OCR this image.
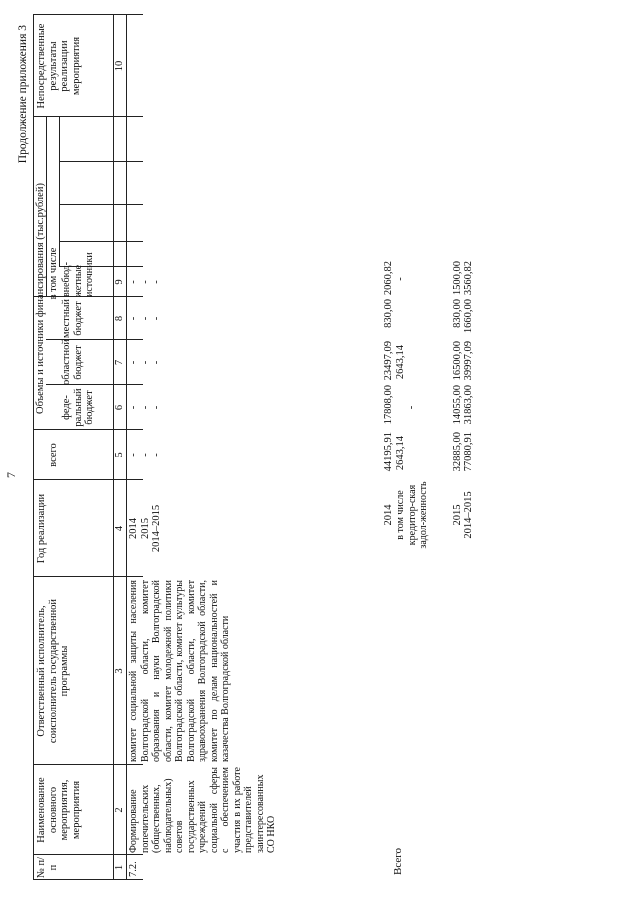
7
Продолжение приложения 3
№ п/п
Наименование основного мероприятия, мероприятия
Ответственный исполнитель, соисполнитель государственной программы
Год реализации
Объемы и источники финансирования (тыс.рублей)
всего
в том числе
феде-ральный бюджет
областной бюджет
местный бюджет
внебюд-жетные источники
Непосредственные результаты реализации мероприятия
1
2
3
4
5
6
7
8
9
10
7.2.
Формирование попечительских (общественных, наблюдательных) советов государственных учреждений социальной сферы с обеспечением участия в их работе представителей заинтересованных СО НКО
комитет социальной защиты населения Волгоградской области, комитет образования и науки Волгоградской области, комитет молодежной политики Волгоградской области, комитет культуры Волгоградской области, комитет здравоохранения Волгоградской области, комитет по делам национальностей и казачества Волгоградской области
2014 2015 2014–2015
- - -
- - -
- - -
- - -
- - -
Всего
2014
44195,91
17808,00
23497,09
830,00
2060,82
в том числе кредитор-ская задол-женность
2643,14
-
2643,14
-
2015
32885,00
14055,00
16500,00
830,00
1500,00
2014–2015
77080,91
31863,00
39997,09
1660,00
3560,82
